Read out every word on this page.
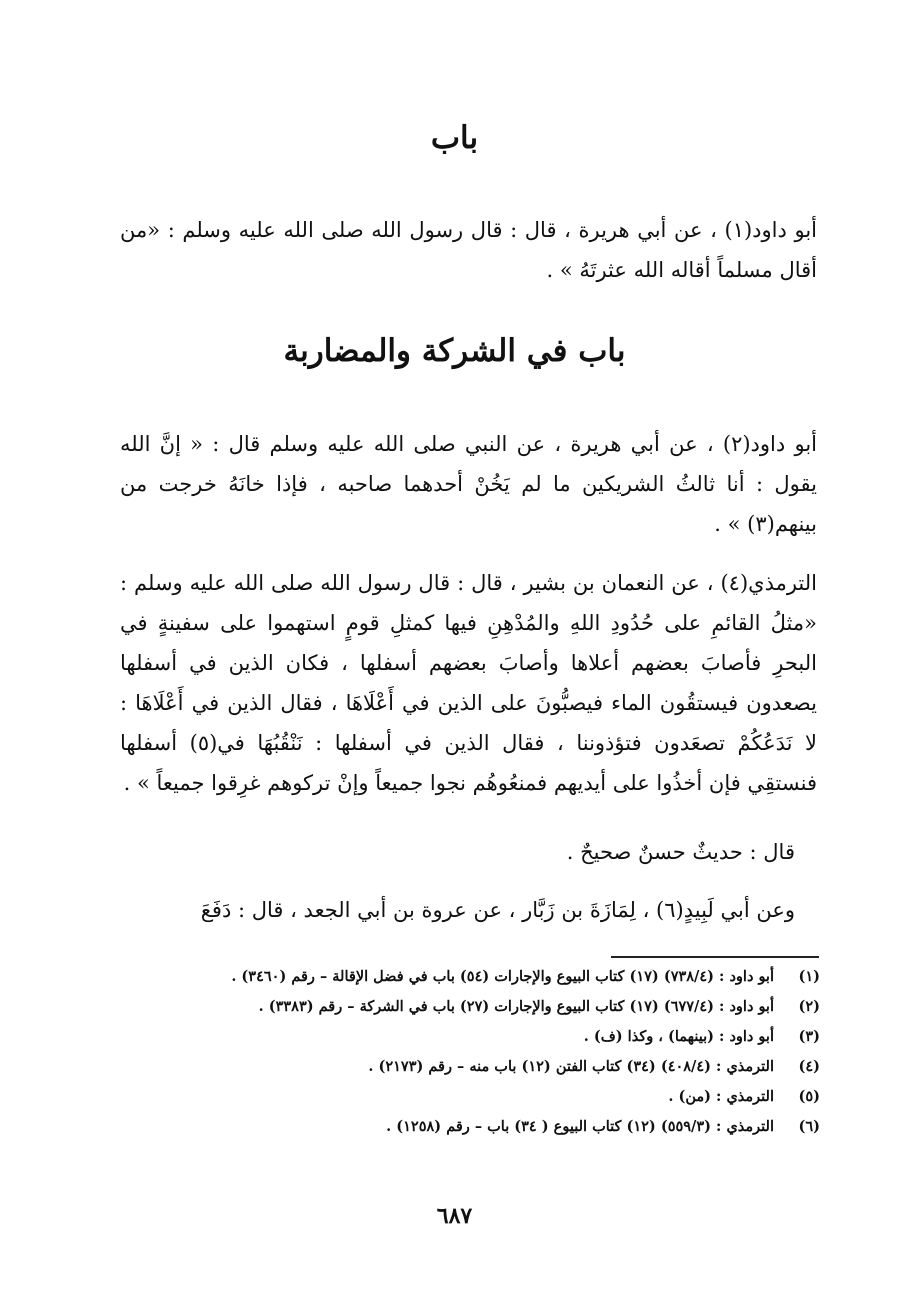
باب
أبو داود(١) ، عن أبي هريرة ، قال : قال رسول الله صلى الله عليه وسلم : «من أقال مسلماً أقاله الله عثرتَهُ » .
باب في الشركة والمضاربة
أبو داود(٢) ، عن أبي هريرة ، عن النبي صلى الله عليه وسلم قال : « إنَّ الله يقول : أنا ثالثُ الشريكين ما لم يَخُنْ أحدهما صاحبه ، فإذا خانَهُ خرجت من بينهم(٣) » .
الترمذي(٤) ، عن النعمان بن بشير ، قال : قال رسول الله صلى الله عليه وسلم : «مثلُ القائمِ على حُدُودِ اللهِ والمُدْهِنِ فيها كمثلِ قومٍ استهموا على سفينةٍ في البحرِ فأصابَ بعضهم أعلاها وأصابَ بعضهم أسفلها ، فكان الذين في أسفلها يصعدون فيستقُون الماء فيصبُّونَ على الذين في أَعْلَاهَا ، فقال الذين في أَعْلَاهَا : لا نَدَعُكُمْ تصعَدون فتؤذوننا ، فقال الذين في أسفلها : نَنْقُبُهَا في(٥) أسفلها فنستقِي فإن أخذُوا على أيديهم فمنعُوهُم نجوا جميعاً وإنْ تركوهم غرِقوا جميعاً » .
قال : حديثٌ حسنٌ صحيحٌ .
وعن أبي لَبِيدٍ(٦) ، لِمَازَةَ بن زَبَّار ، عن عروة بن أبي الجعد ، قال : دَفَعَ
(١)
أبو داود : (٧٣٨/٤) (١٧) كتاب البيوع والإجارات (٥٤) باب في فضل الإقالة – رقم (٣٤٦٠) .
(٢)
أبو داود : (٦٧٧/٤) (١٧) كتاب البيوع والإجارات (٢٧) باب في الشركة – رقم (٣٣٨٣) .
(٣)
أبو داود : (بينهما) ، وكذا (ف) .
(٤)
الترمذي : (٤٠٨/٤) (٣٤) كتاب الفتن (١٢) باب منه – رقم (٢١٧٣) .
(٥)
الترمذي : (من) .
(٦)
الترمذي : (٥٥٩/٣) (١٢) كتاب البيوع ( ٣٤) باب – رقم (١٢٥٨) .
٦٨٧
